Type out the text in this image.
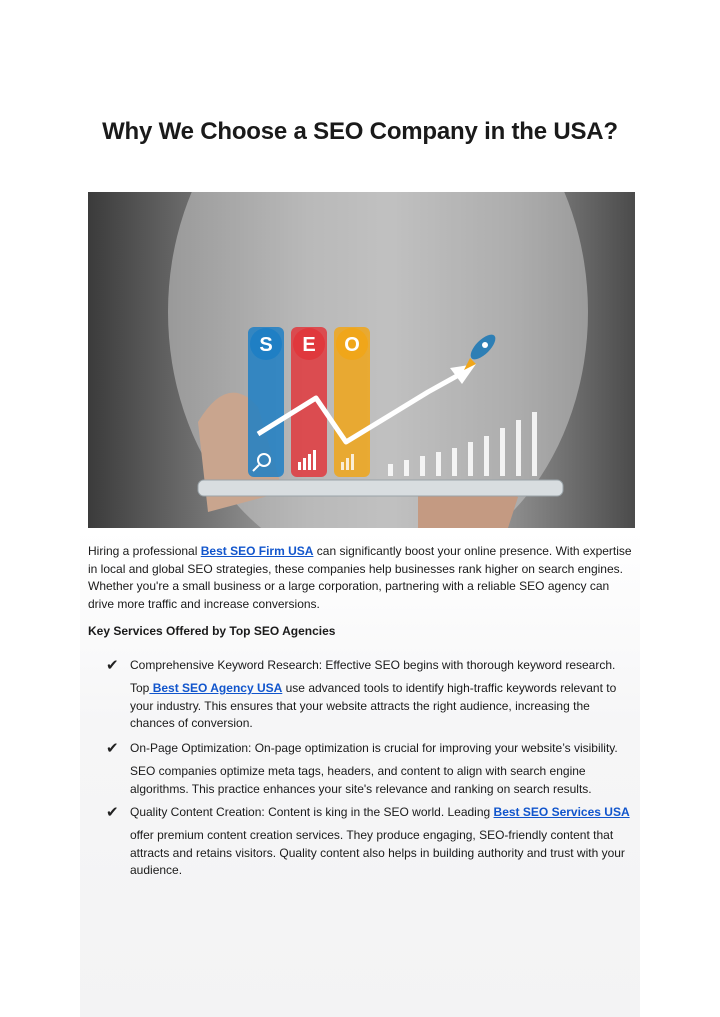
Why We Choose a SEO Company in the USA?
S E O
Hiring a professional Best SEO Firm USA can significantly boost your online presence. With expertise in local and global SEO strategies, these companies help businesses rank higher on search engines. Whether you're a small business or a large corporation, partnering with a reliable SEO agency can drive more traffic and increase conversions.
Key Services Offered by Top SEO Agencies
✔ Comprehensive Keyword Research: Effective SEO begins with thorough keyword research.
Top Best SEO Agency USA use advanced tools to identify high-traffic keywords relevant to your industry. This ensures that your website attracts the right audience, increasing the chances of conversion.
✔ On-Page Optimization: On-page optimization is crucial for improving your website’s visibility.
SEO companies optimize meta tags, headers, and content to align with search engine algorithms. This practice enhances your site's relevance and ranking on search results.
✔ Quality Content Creation: Content is king in the SEO world. Leading Best SEO Services USA
offer premium content creation services. They produce engaging, SEO-friendly content that attracts and retains visitors. Quality content also helps in building authority and trust with your audience.
